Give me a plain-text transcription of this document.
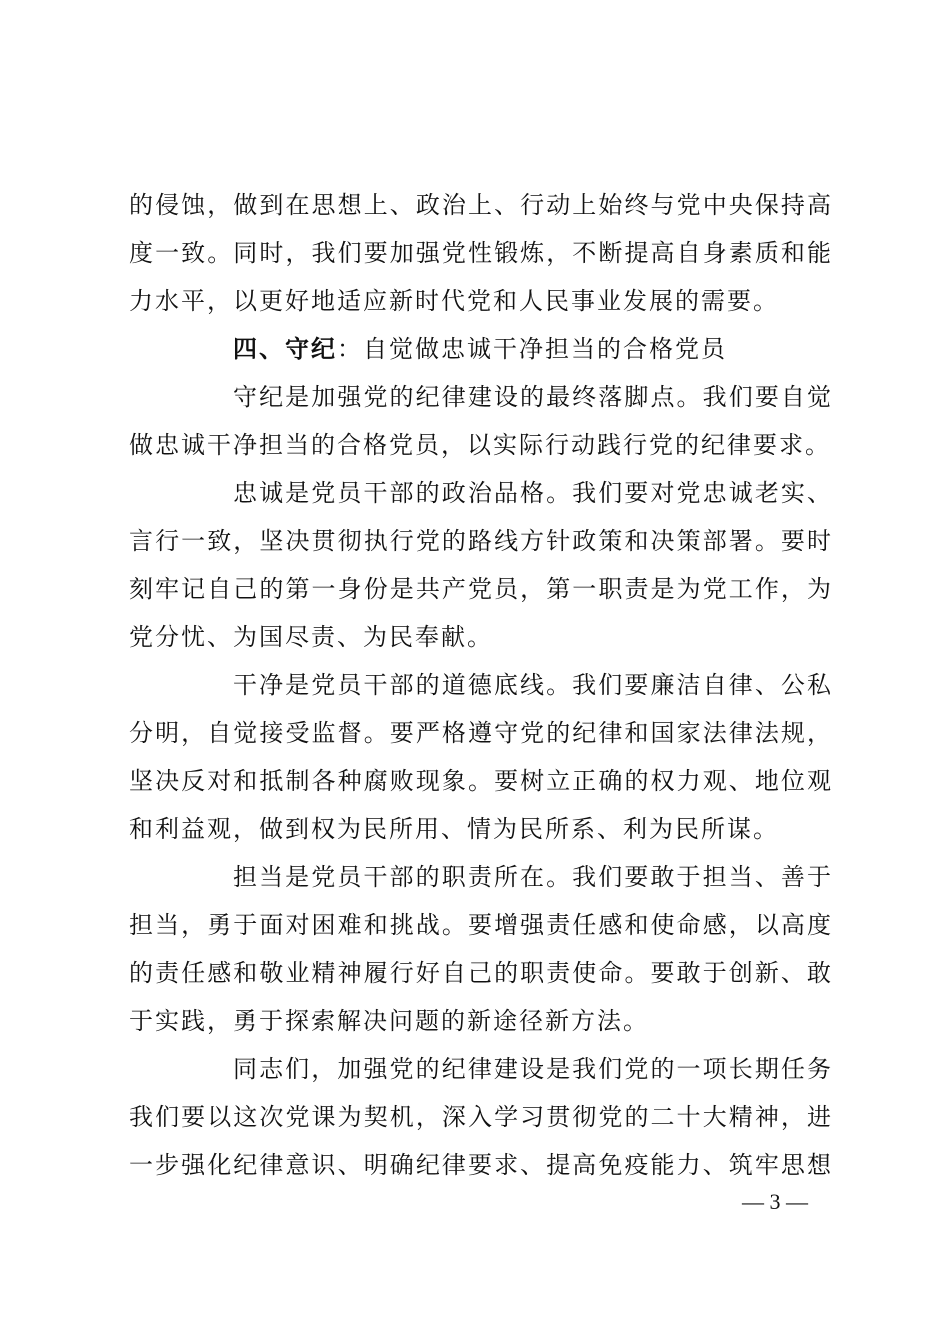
的侵蚀，做到在思想上、政治上、行动上始终与党中央保持高
度一致。同时，我们要加强党性锻炼，不断提高自身素质和能
力水平，以更好地适应新时代党和人民事业发展的需要。
四、守纪：自觉做忠诚干净担当的合格党员
守纪是加强党的纪律建设的最终落脚点。我们要自觉
做忠诚干净担当的合格党员，以实际行动践行党的纪律要求。
忠诚是党员干部的政治品格。我们要对党忠诚老实、
言行一致，坚决贯彻执行党的路线方针政策和决策部署。要时
刻牢记自己的第一身份是共产党员，第一职责是为党工作，为
党分忧、为国尽责、为民奉献。
干净是党员干部的道德底线。我们要廉洁自律、公私
分明，自觉接受监督。要严格遵守党的纪律和国家法律法规，
坚决反对和抵制各种腐败现象。要树立正确的权力观、地位观
和利益观，做到权为民所用、情为民所系、利为民所谋。
担当是党员干部的职责所在。我们要敢于担当、善于
担当，勇于面对困难和挑战。要增强责任感和使命感，以高度
的责任感和敬业精神履行好自己的职责使命。要敢于创新、敢
于实践，勇于探索解决问题的新途径新方法。
同志们，加强党的纪律建设是我们党的一项长期任务
我们要以这次党课为契机，深入学习贯彻党的二十大精神，进
一步强化纪律意识、明确纪律要求、提高免疫能力、筑牢思想
— 3 —
